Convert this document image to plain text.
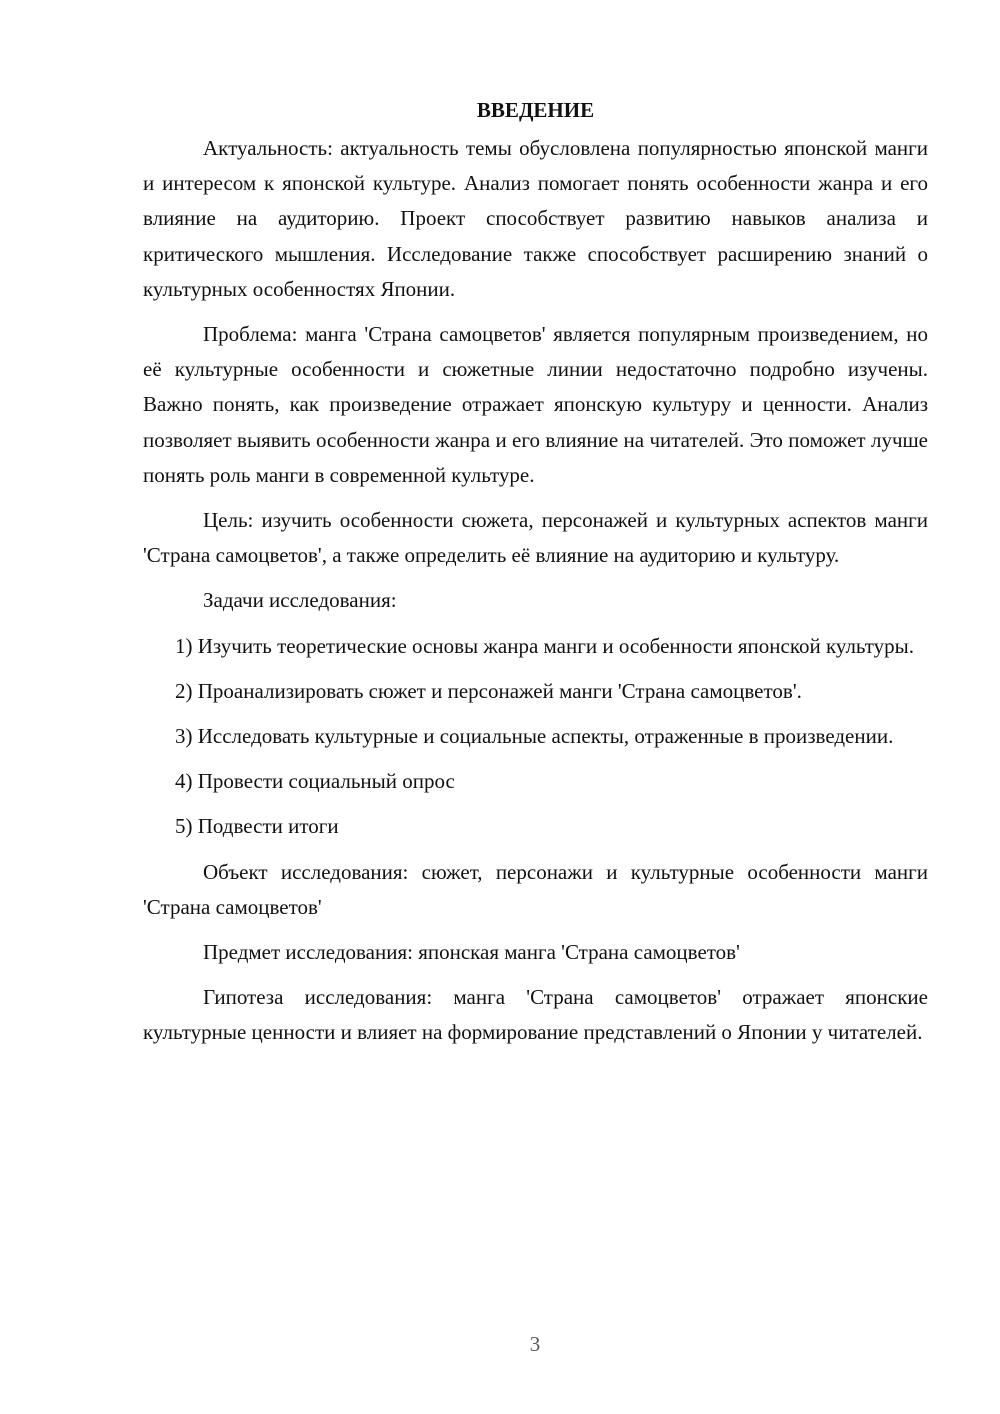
ВВЕДЕНИЕ

Актуальность: актуальность темы обусловлена популярностью японской манги и интересом к японской культуре. Анализ помогает понять особенности жанра и его влияние на аудиторию. Проект способствует развитию навыков анализа и критического мышления. Исследование также способствует расширению знаний о культурных особенностях Японии.

Проблема: манга 'Страна самоцветов' является популярным произведением, но её культурные особенности и сюжетные линии недостаточно подробно изучены. Важно понять, как произведение отражает японскую культуру и ценности. Анализ позволяет выявить особенности жанра и его влияние на читателей. Это поможет лучше понять роль манги в современной культуре.

Цель: изучить особенности сюжета, персонажей и культурных аспектов манги 'Страна самоцветов', а также определить её влияние на аудиторию и культуру.

Задачи исследования:

1) Изучить теоретические основы жанра манги и особенности японской культуры.

2) Проанализировать сюжет и персонажей манги 'Страна самоцветов'.

3) Исследовать культурные и социальные аспекты, отраженные в произведении.

4) Провести социальный опрос

5) Подвести итоги

Объект исследования: сюжет, персонажи и культурные особенности манги 'Страна самоцветов'

Предмет исследования: японская манга 'Страна самоцветов'

Гипотеза исследования: манга 'Страна самоцветов' отражает японские культурные ценности и влияет на формирование представлений о Японии у читателей.

3
